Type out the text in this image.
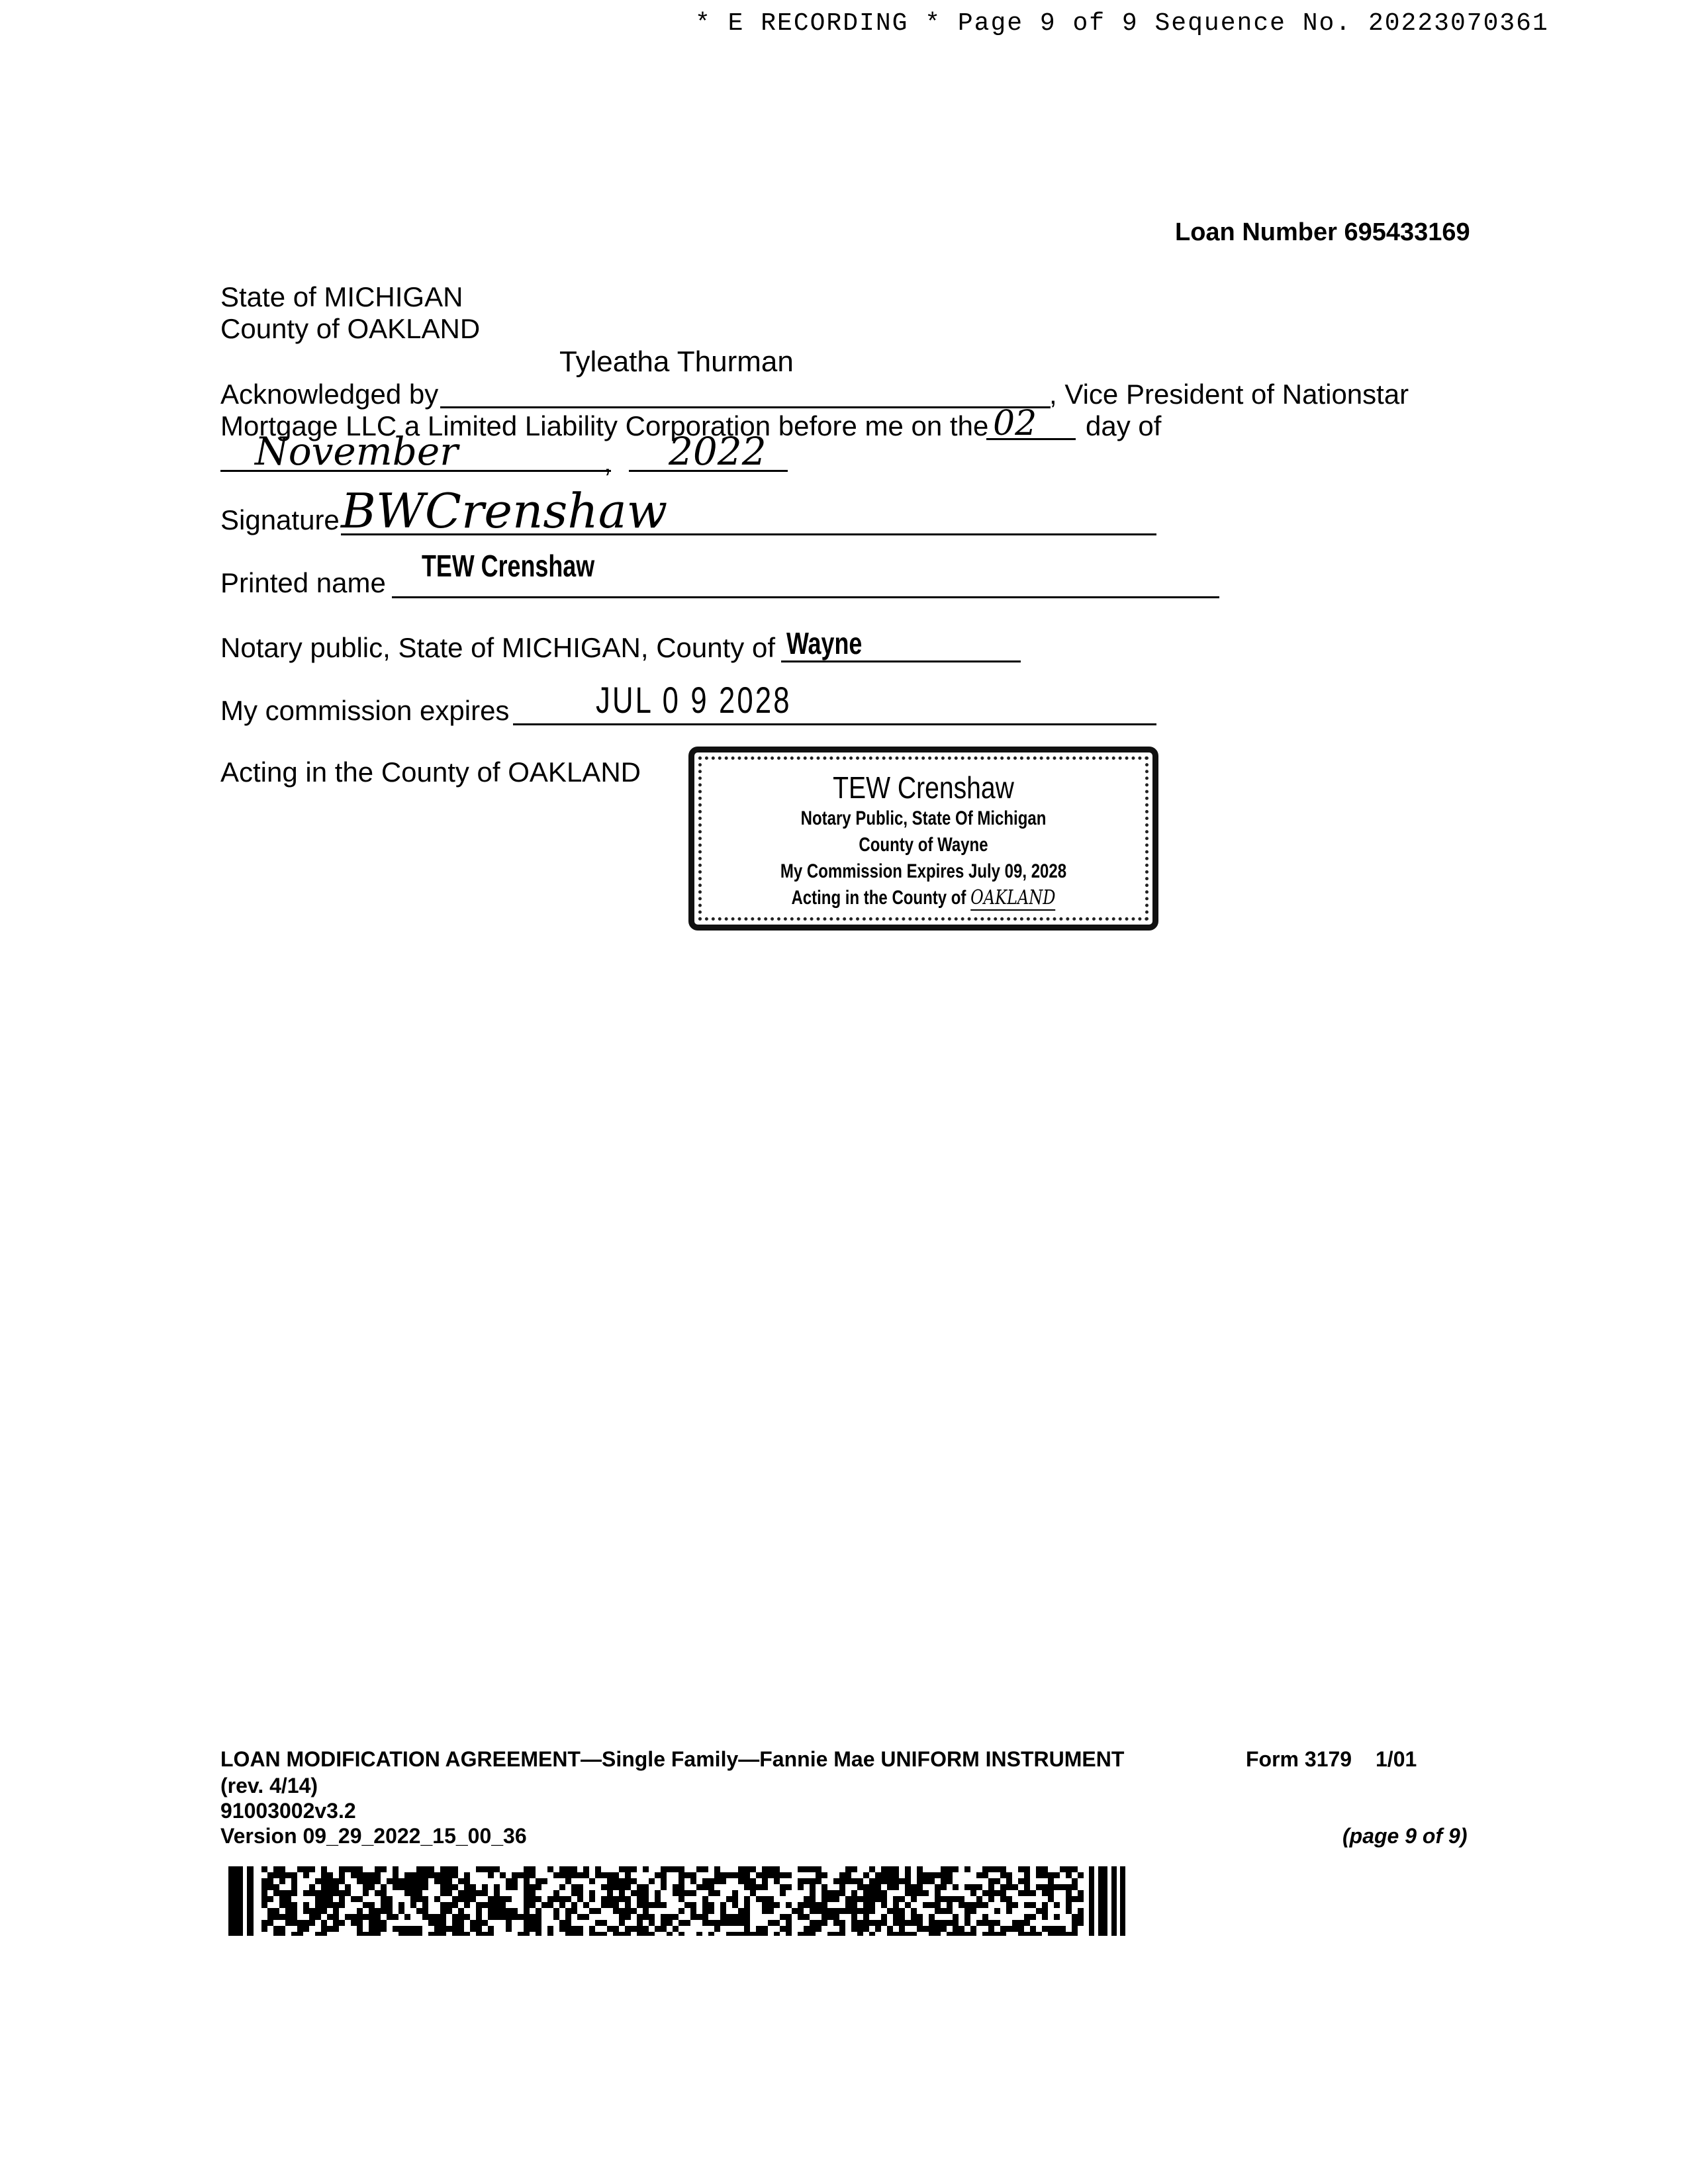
* E RECORDING * Page 9 of 9 Sequence No. 20223070361
Loan Number 695433169
State of MICHIGAN
County of OAKLAND
Tyleatha Thurman
Acknowledged by	, Vice President of Nationstar
Mortgage LLC a Limited Liability Corporation before me on the 02 day of
November	, 2022
Signature BWCrenshaw
Printed name TEW Crenshaw
Notary public, State of MICHIGAN, County of Wayne
My commission expires JUL 0 9 2028
Acting in the County of OAKLAND	TEW Crenshaw
Notary Public, State Of Michigan
County of Wayne
My Commission Expires July 09, 2028
Acting in the County of OAKLAND
LOAN MODIFICATION AGREEMENT—Single Family—Fannie Mae UNIFORM INSTRUMENT	Form 3179 1/01
(rev. 4/14)
91003002v3.2
Version 09_29_2022_15_00_36	(page 9 of 9)
